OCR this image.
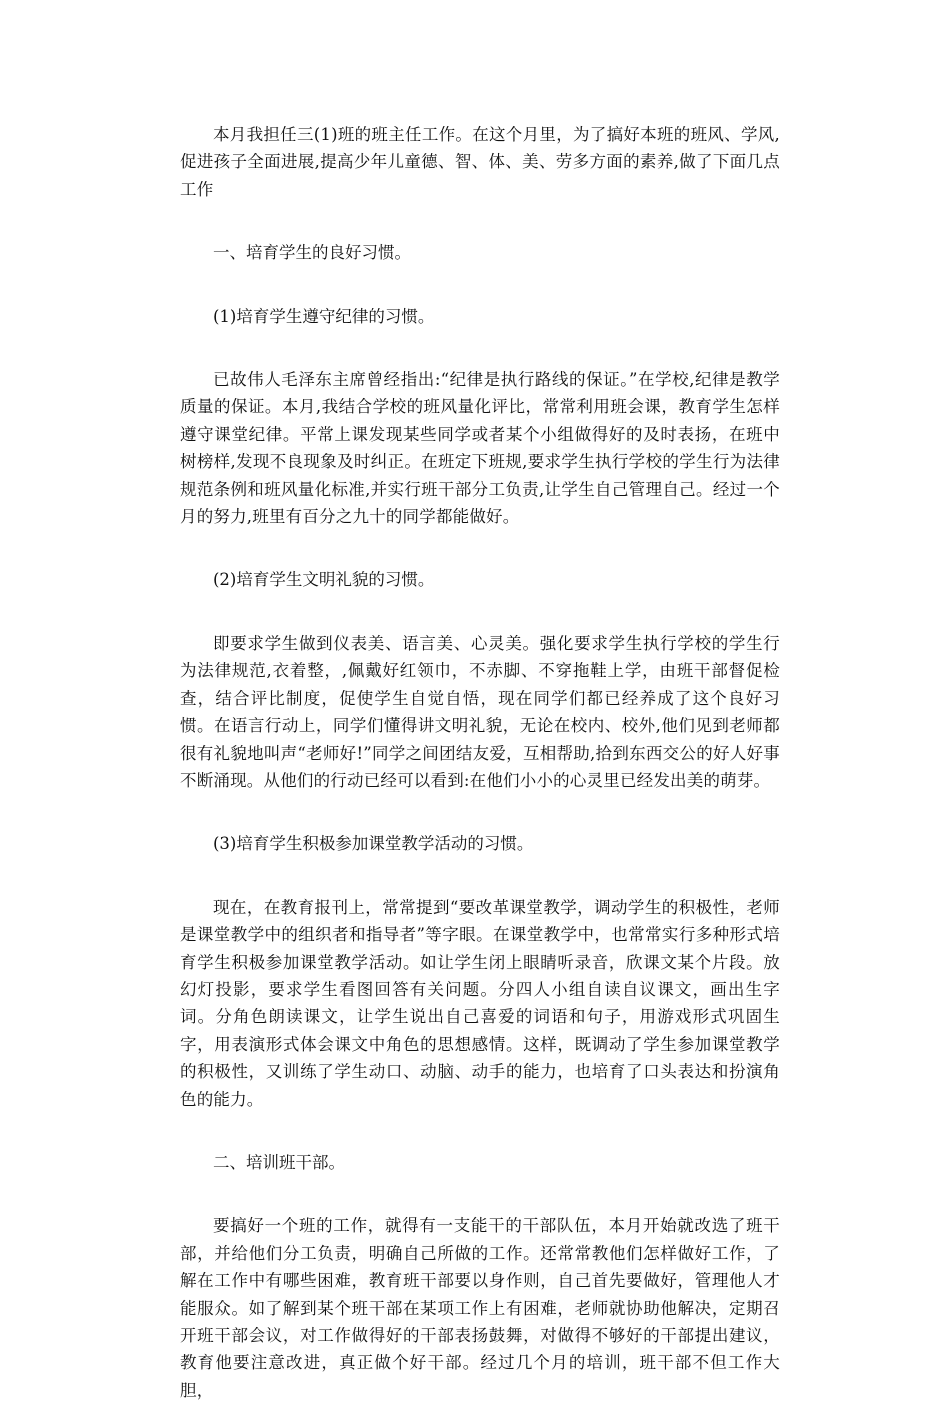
本月我担任三(1)班的班主任工作。在这个月里，为了搞好本班的班风、学风,促进孩子全面进展,提高少年儿童德、智、体、美、劳多方面的素养,做了下面几点工作

一、培育学生的良好习惯。

(1)培育学生遵守纪律的习惯。

已故伟人毛泽东主席曾经指出:“纪律是执行路线的保证。”在学校,纪律是教学质量的保证。本月,我结合学校的班风量化评比，常常利用班会课，教育学生怎样遵守课堂纪律。平常上课发现某些同学或者某个小组做得好的及时表扬，在班中树榜样,发现不良现象及时纠正。在班定下班规,要求学生执行学校的学生行为法律规范条例和班风量化标准,并实行班干部分工负责,让学生自己管理自己。经过一个月的努力,班里有百分之九十的同学都能做好。

(2)培育学生文明礼貌的习惯。

即要求学生做到仪表美、语言美、心灵美。强化要求学生执行学校的学生行为法律规范,衣着整，,佩戴好红领巾，不赤脚、不穿拖鞋上学，由班干部督促检查，结合评比制度，促使学生自觉自悟，现在同学们都已经养成了这个良好习惯。在语言行动上，同学们懂得讲文明礼貌，无论在校内、校外,他们见到老师都很有礼貌地叫声“老师好!”同学之间团结友爱，互相帮助,拾到东西交公的好人好事不断涌现。从他们的行动已经可以看到:在他们小小的心灵里已经发出美的萌芽。

(3)培育学生积极参加课堂教学活动的习惯。

现在，在教育报刊上，常常提到“要改革课堂教学，调动学生的积极性，老师是课堂教学中的组织者和指导者”等字眼。在课堂教学中，也常常实行多种形式培育学生积极参加课堂教学活动。如让学生闭上眼睛听录音，欣课文某个片段。放幻灯投影，要求学生看图回答有关问题。分四人小组自读自议课文，画出生字词。分角色朗读课文，让学生说出自己喜爱的词语和句子，用游戏形式巩固生字，用表演形式体会课文中角色的思想感情。这样，既调动了学生参加课堂教学的积极性，又训练了学生动口、动脑、动手的能力，也培育了口头表达和扮演角色的能力。

二、培训班干部。

要搞好一个班的工作，就得有一支能干的干部队伍，本月开始就改选了班干部，并给他们分工负责，明确自己所做的工作。还常常教他们怎样做好工作，了解在工作中有哪些困难，教育班干部要以身作则，自己首先要做好，管理他人才能服众。如了解到某个班干部在某项工作上有困难，老师就协助他解决，定期召开班干部会议，对工作做得好的干部表扬鼓舞，对做得不够好的干部提出建议，教育他要注意改进，真正做个好干部。经过几个月的培训，班干部不但工作大胆，
